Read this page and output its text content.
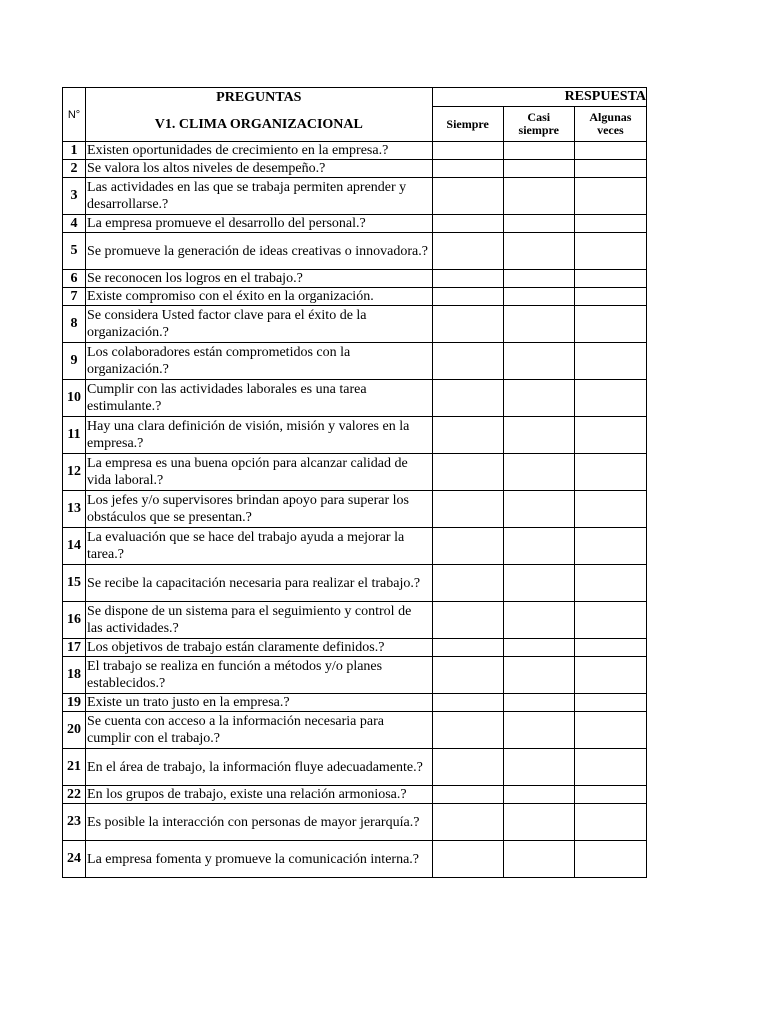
N°	PREGUNTAS
V1. CLIMA ORGANIZACIONAL	RESPUESTA		
		Siempre	Casi siempre	Algunas veces
1	Existen oportunidades de crecimiento en la empresa.?			
2	Se valora los altos niveles de desempeño.?			
3	Las actividades en las que se trabaja permiten aprender y desarrollarse.?			
4	La empresa promueve el desarrollo del personal.?			
5	Se promueve la generación de ideas creativas o innovadora.?			
6	Se reconocen los logros en el trabajo.?			
7	Existe compromiso con el éxito en la organización.			
8	Se considera Usted factor clave para el éxito de la organización.?			
9	Los colaboradores están comprometidos con la organización.?			
10	Cumplir con las actividades laborales es una tarea estimulante.?			
11	Hay una clara definición de visión, misión y valores en la empresa.?			
12	La empresa es una buena opción para alcanzar calidad de vida laboral.?			
13	Los jefes y/o supervisores brindan apoyo para superar los obstáculos que se presentan.?			
14	La evaluación que se hace del trabajo ayuda a mejorar la tarea.?			
15	Se recibe la capacitación necesaria para realizar el trabajo.?			
16	Se dispone de un sistema para el seguimiento y control de las actividades.?			
17	Los objetivos de trabajo están claramente definidos.?			
18	El trabajo se realiza en función a métodos y/o planes establecidos.?			
19	Existe un trato justo en la empresa.?			
20	Se cuenta con acceso a la información necesaria para cumplir con el trabajo.?			
21	En el área de trabajo, la información fluye adecuadamente.?			
22	En los grupos de trabajo, existe una relación armoniosa.?			
23	Es posible la interacción con personas de mayor jerarquía.?			
24	La empresa fomenta y promueve la comunicación interna.?			
